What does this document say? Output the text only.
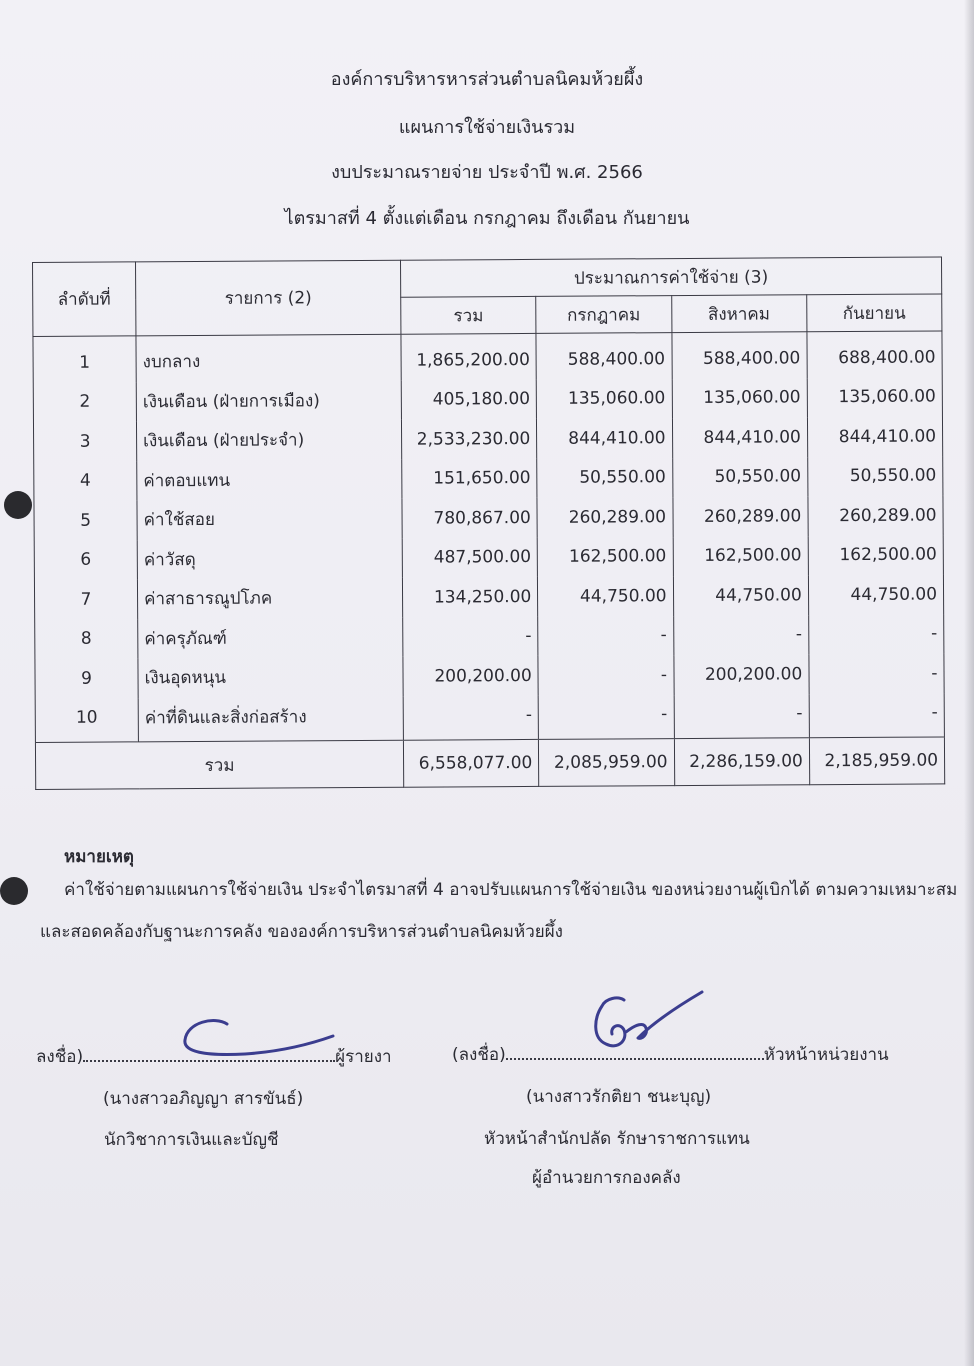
องค์การบริหารหารส่วนตำบลนิคมห้วยผึ้ง
แผนการใช้จ่ายเงินรวม
งบประมาณรายจ่าย ประจำปี พ.ศ. 2566
ไตรมาสที่ 4 ตั้งแต่เดือน กรกฎาคม ถึงเดือน กันยายน
ลำดับที่	รายการ (2)	ประมาณการค่าใช้จ่าย (3)			
		รวม	กรกฎาคม	สิงหาคม	กันยายน
1	งบกลาง	1,865,200.00	588,400.00	588,400.00	688,400.00
2	เงินเดือน (ฝ่ายการเมือง)	405,180.00	135,060.00	135,060.00	135,060.00
3	เงินเดือน (ฝ่ายประจำ)	2,533,230.00	844,410.00	844,410.00	844,410.00
4	ค่าตอบแทน	151,650.00	50,550.00	50,550.00	50,550.00
5	ค่าใช้สอย	780,867.00	260,289.00	260,289.00	260,289.00
6	ค่าวัสดุ	487,500.00	162,500.00	162,500.00	162,500.00
7	ค่าสาธารณูปโภค	134,250.00	44,750.00	44,750.00	44,750.00
8	ค่าครุภัณฑ์	-	-	-	-
9	เงินอุดหนุน	200,200.00	-	200,200.00	-
10	ค่าที่ดินและสิ่งก่อสร้าง	-	-	-	-
รวม		6,558,077.00	2,085,959.00	2,286,159.00	2,185,959.00
หมายเหตุ
ค่าใช้จ่ายตามแผนการใช้จ่ายเงิน ประจำไตรมาสที่ 4 อาจปรับแผนการใช้จ่ายเงิน ของหน่วยงานผู้เบิกได้ ตามความเหมาะสม
และสอดคล้องกับฐานะการคลัง ขององค์การบริหารส่วนตำบลนิคมห้วยผึ้ง
ลงชื่อ)	ผู้รายงา
(นางสาวอภิญญา สารขันธ์)
นักวิชาการเงินและบัญชี
(ลงชื่อ)	หัวหน้าหน่วยงาน
(นางสาวรักติยา ชนะบุญ)
หัวหน้าสำนักปลัด รักษาราชการแทน
ผู้อำนวยการกองคลัง
